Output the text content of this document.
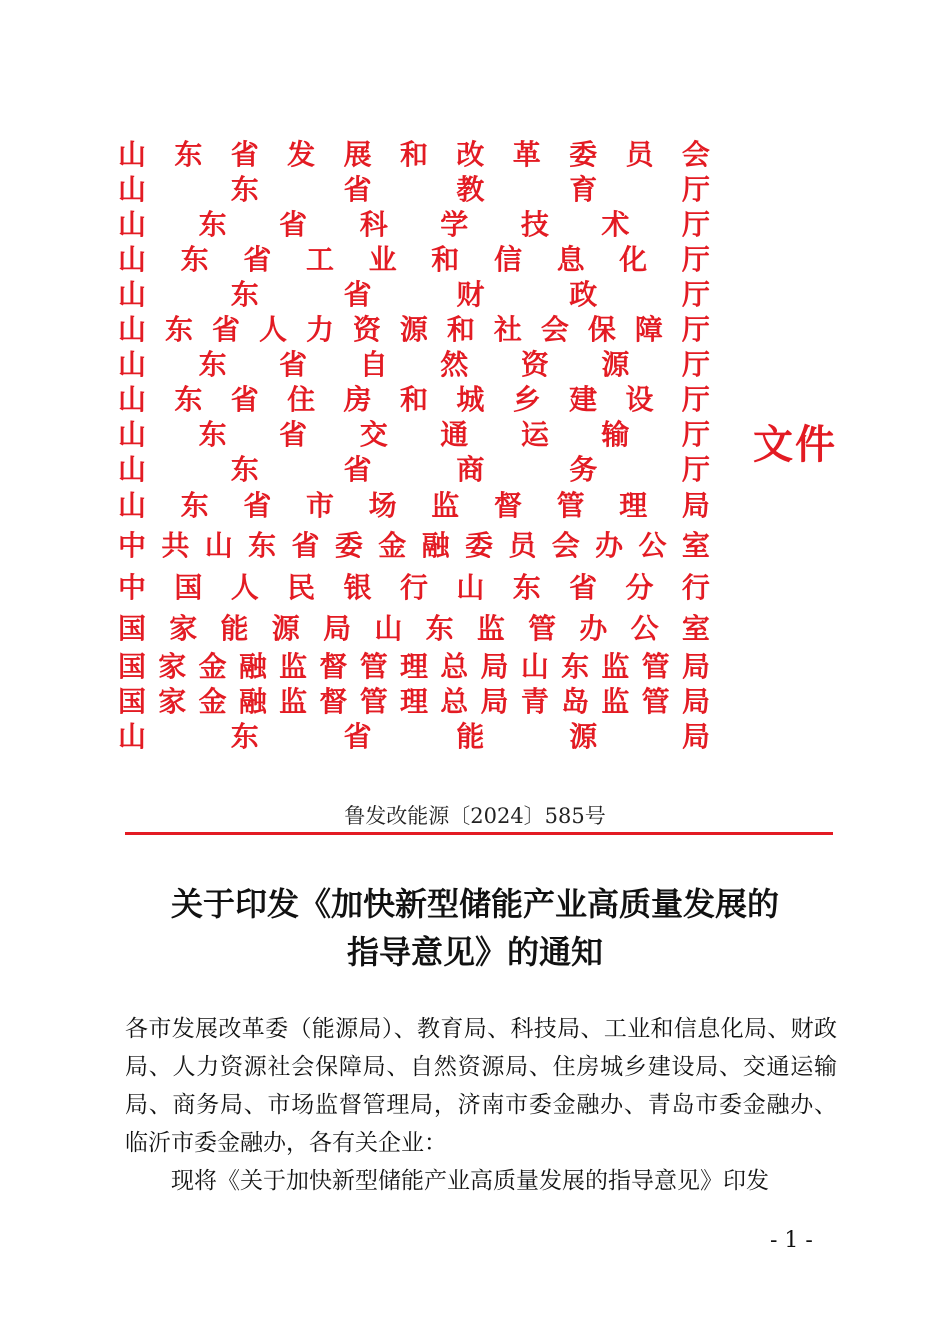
山 东 省 发 展 和 改 革 委 员 会
山	东	省	教	育	厅
山 东 省 科 学 技 术 厅
山 东 省 工 业 和 信 息 化 厅
山	东	省	财	政	厅
山 东 省 人 力 资 源 和 社 会 保 障 厅
山 东 省 自 然 资 源 厅
山 东 省 住 房 和 城 乡 建 设 厅
山 东 省 交 通 运 输 厅
山	东	省	商	务	厅
山 东 省 市 场 监 督 管 理 局
中 共 山 东 省 委 金 融 委 员 会 办 公 室
中 国 人 民 银 行 山 东 省 分 行
国 家 能 源 局 山 东 监 管 办 公 室
国 家 金 融 监 督 管 理 总 局 山 东 监 管 局
国 家 金 融 监 督 管 理 总 局 青 岛 监 管 局
山	东	省	能	源	局
文件
鲁发改能源〔2024〕585号
关于印发《加快新型储能产业高质量发展的
指导意见》的通知

各市发展改革委（能源局）、教育局、科技局、工业和信息化局、财政局、人力资源社会保障局、自然资源局、住房城乡建设局、交通运输局、商务局、市场监督管理局，济南市委金融办、青岛市委金融办、临沂市委金融办，各有关企业：

现将《关于加快新型储能产业高质量发展的指导意见》印发

- 1 -
